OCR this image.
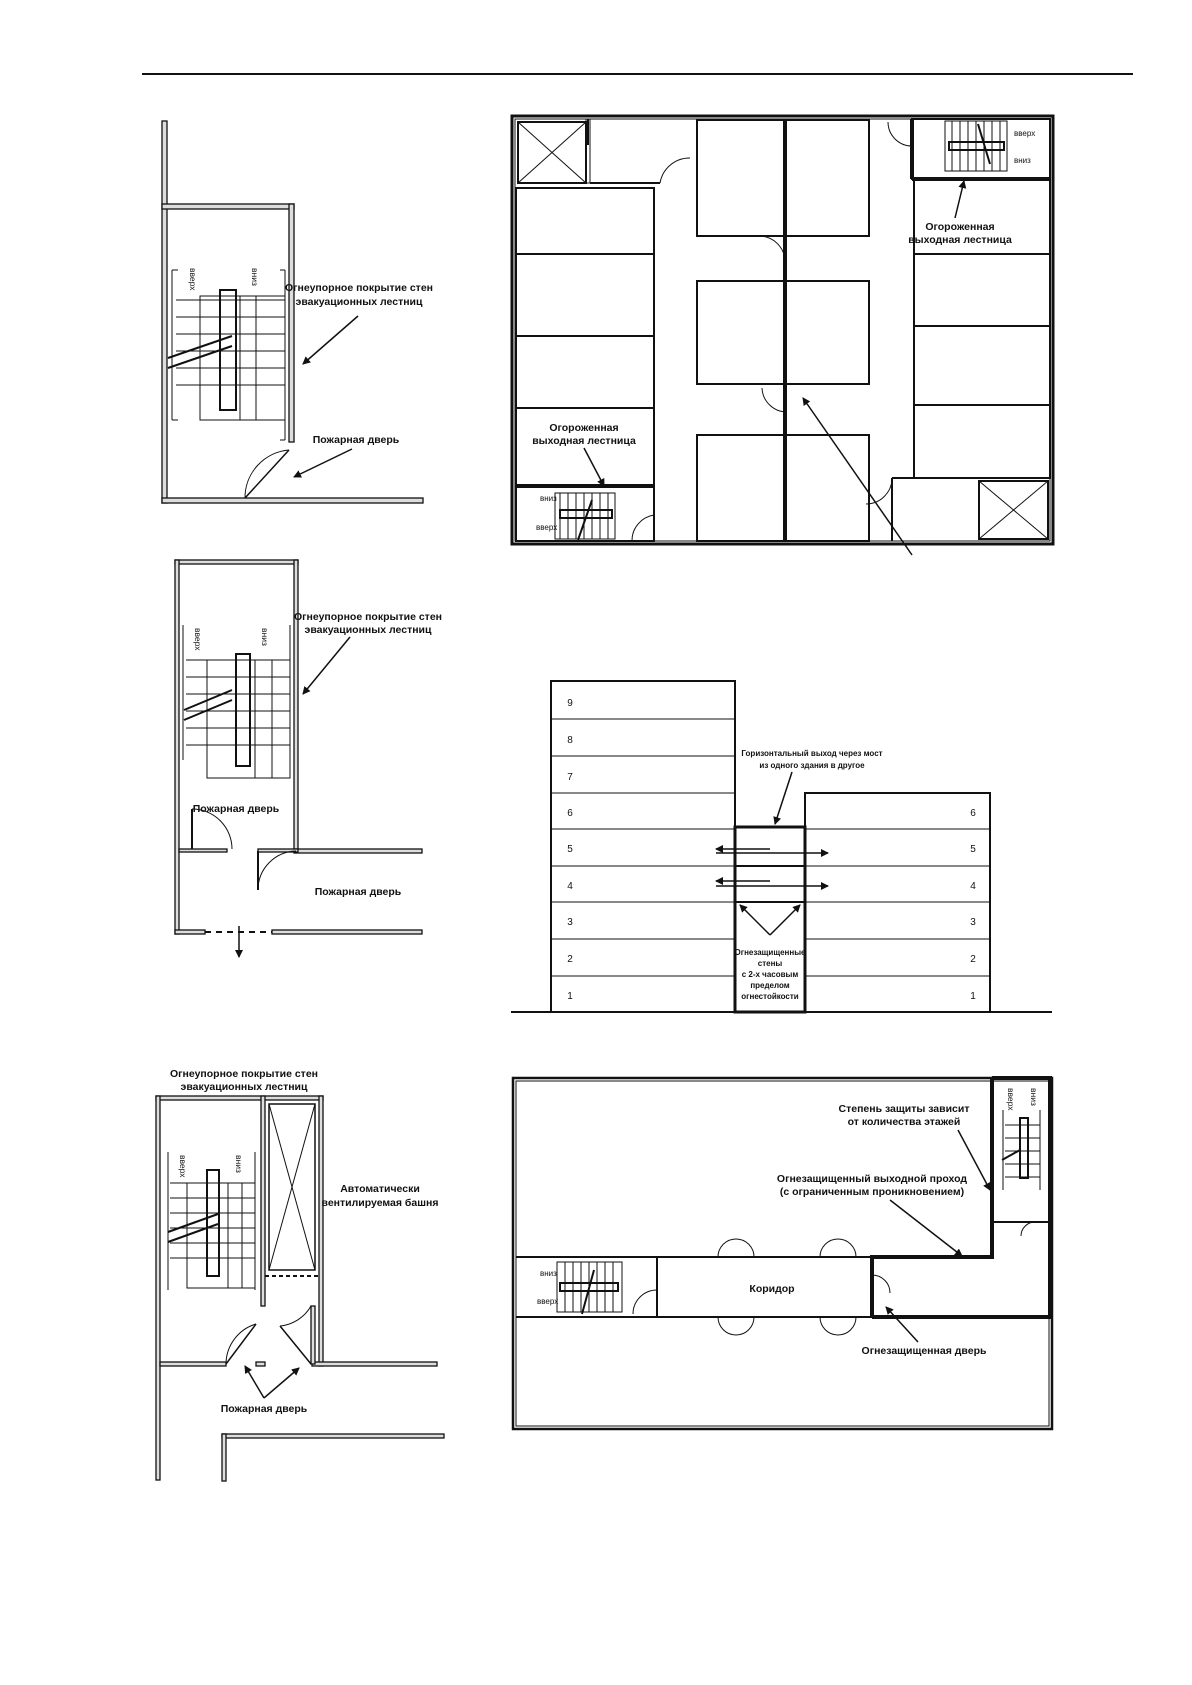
вверх	вниз
Огнеупорное покрытие стен
эвакуационных лестниц
Пожарная дверь
вверх	вниз
Огнеупорное покрытие стен
эвакуационных лестниц
Пожарная дверь
Пожарная дверь
Огнеупорное покрытие стен
эвакуационных лестниц
вверх	вниз
Автоматически
вентилируемая башня
Пожарная дверь
вниз
вверх
Огороженная
выходная лестница
вверх
вниз
Огороженная
выходная лестница
9
8
7
6
5
4
3
2
1
6
5
4
3
2
1
Горизонтальный выход через мост
из одного здания в другое
Огнезащищенные
стены
с 2-х часовым
пределом
огнестойкости
вверх вниз
вниз
вверх
Коридор
Степень защиты зависит
от количества этажей
Огнезащищенный выходной проход
(с ограниченным проникновением)
Огнезащищенная дверь
